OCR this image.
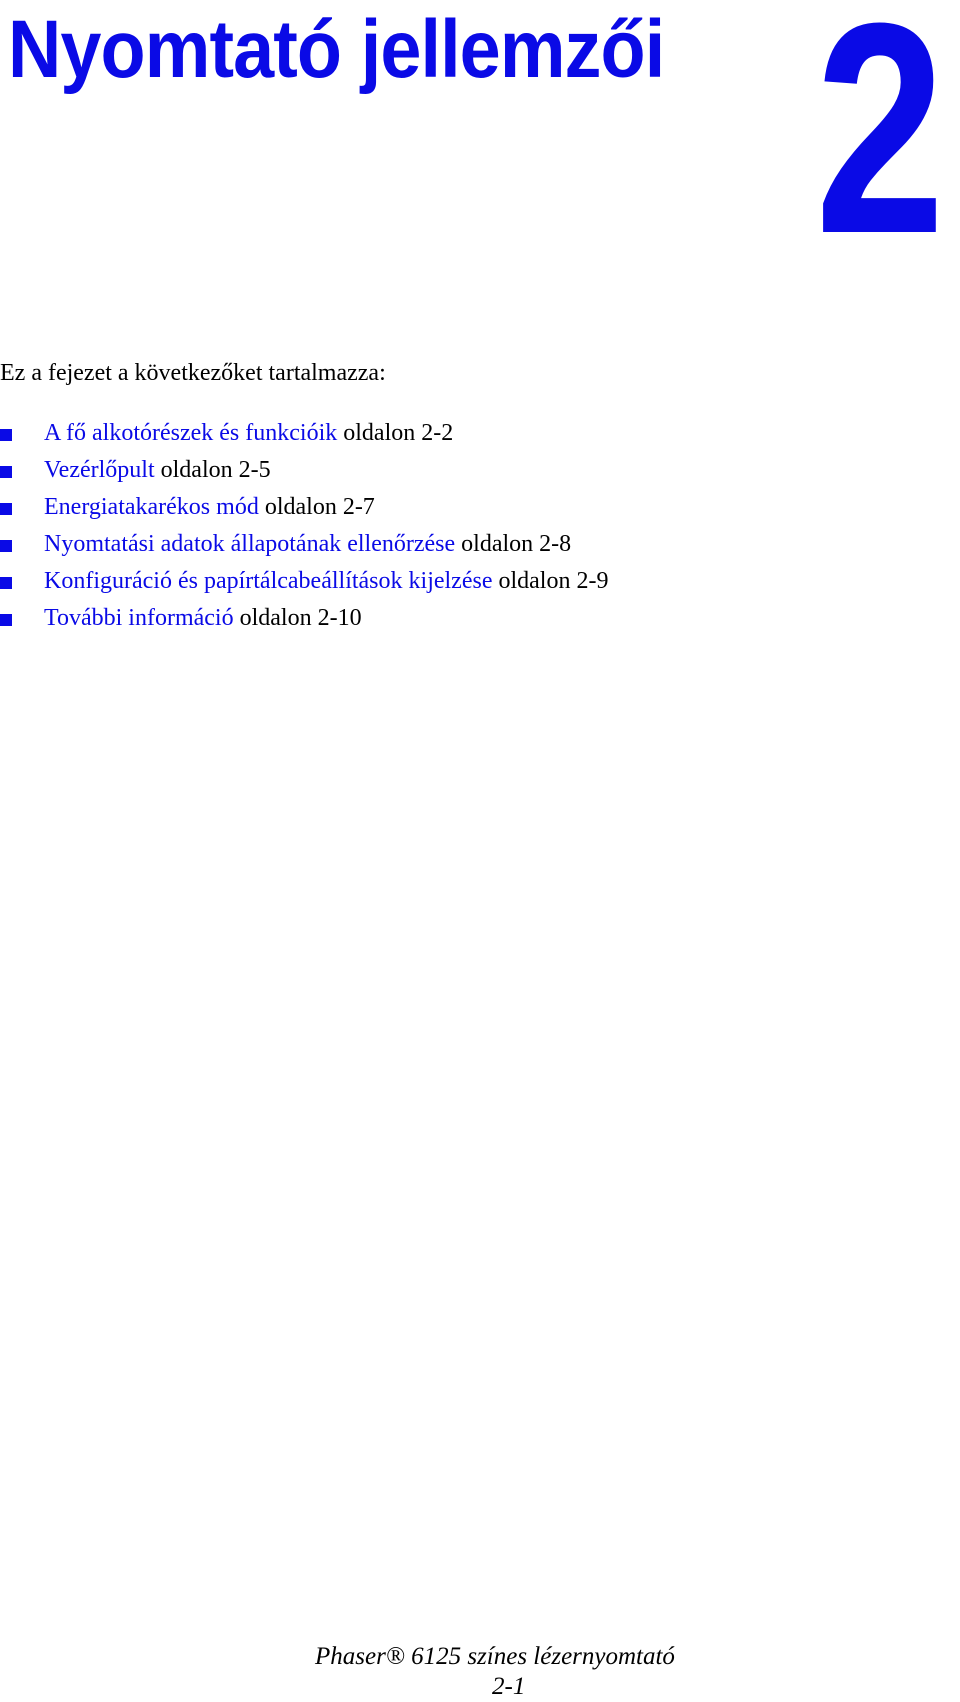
Nyomtató jellemzői 2

Ez a fejezet a következőket tartalmazza:

A fő alkotórészek és funkcióik oldalon 2-2
Vezérlőpult oldalon 2-5
Energiatakarékos mód oldalon 2-7
Nyomtatási adatok állapotának ellenőrzése oldalon 2-8
Konfiguráció és papírtálcabeállítások kijelzése oldalon 2-9
További információ oldalon 2-10
Phaser® 6125 színes lézernyomtató
2-1
